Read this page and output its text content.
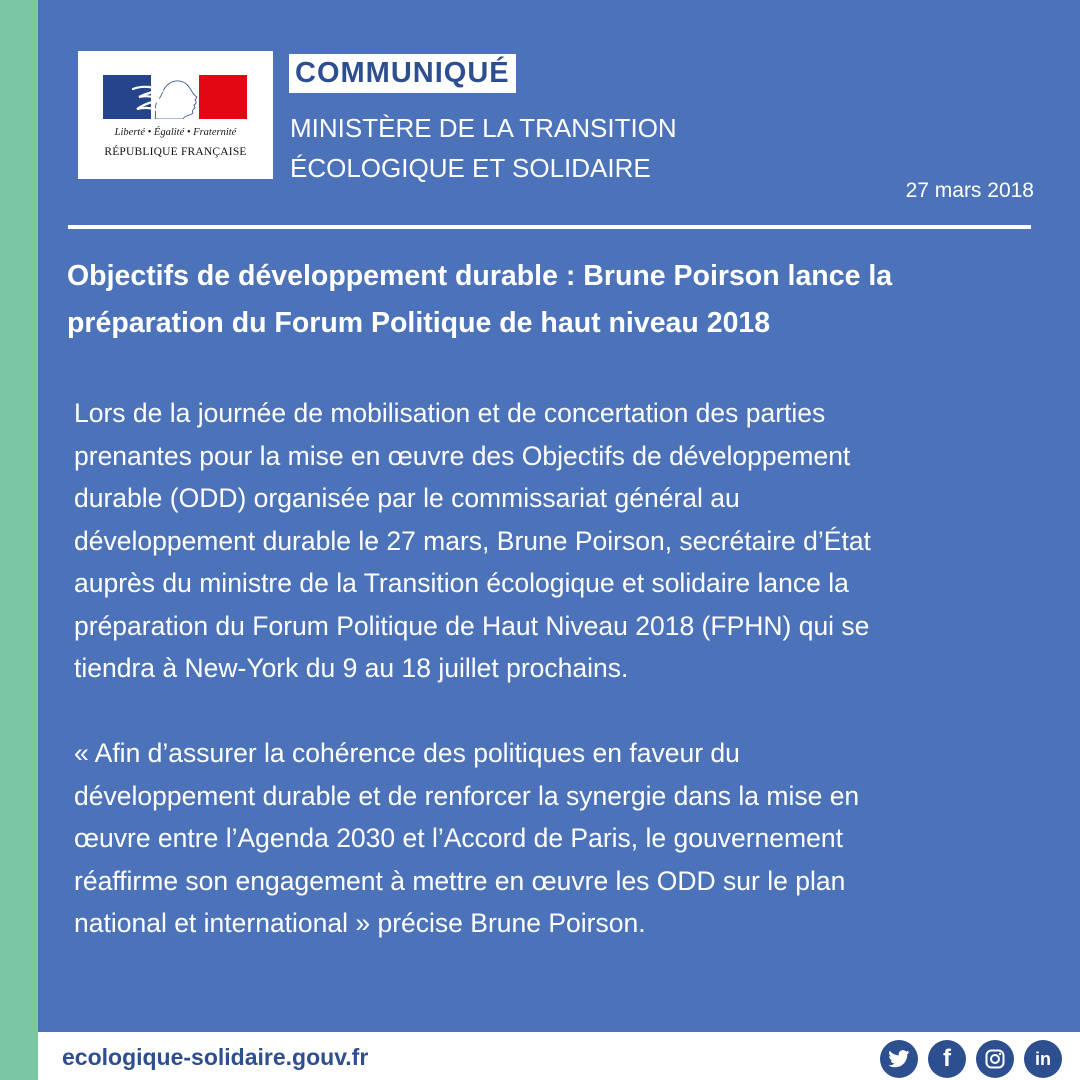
Liberté • Égalité • Fraternité
RÉPUBLIQUE FRANÇAISE
COMMUNIQUÉ
MINISTÈRE DE LA TRANSITION
ÉCOLOGIQUE ET SOLIDAIRE
27 mars 2018
Objectifs de développement durable : Brune Poirson lance la
préparation du Forum Politique de haut niveau 2018
Lors de la journée de mobilisation et de concertation des parties
prenantes pour la mise en œuvre des Objectifs de développement
durable (ODD) organisée par le commissariat général au
développement durable le 27 mars, Brune Poirson, secrétaire d’État
auprès du ministre de la Transition écologique et solidaire lance la
préparation du Forum Politique de Haut Niveau 2018 (FPHN) qui se
tiendra à New-York du 9 au 18 juillet prochains.
« Afin d’assurer la cohérence des politiques en faveur du
développement durable et de renforcer la synergie dans la mise en
œuvre entre l’Agenda 2030 et l’Accord de Paris, le gouvernement
réaffirme son engagement à mettre en œuvre les ODD sur le plan
national et international » précise Brune Poirson.
ecologique-solidaire.gouv.fr	f	in
